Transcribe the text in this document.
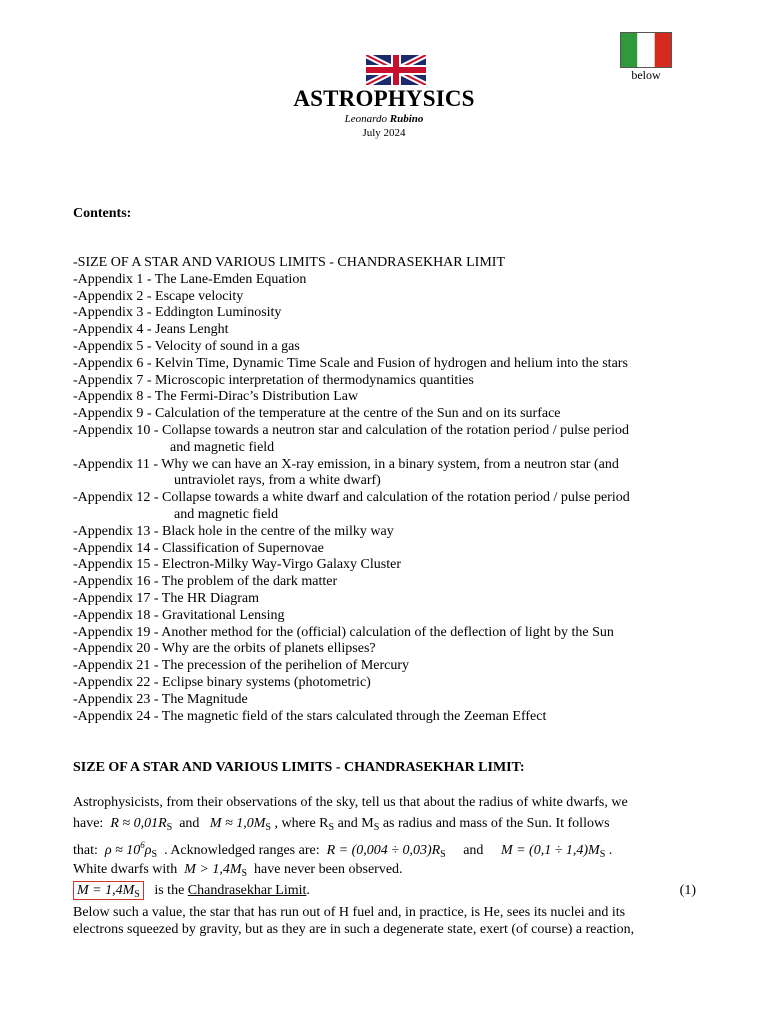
below
ASTROPHYSICS
Leonardo Rubino
July 2024
Contents:
-SIZE OF A STAR AND VARIOUS LIMITS - CHANDRASEKHAR LIMIT
-Appendix 1 - The Lane-Emden Equation
-Appendix 2 - Escape velocity
-Appendix 3 - Eddington Luminosity
-Appendix 4 - Jeans Lenght
-Appendix 5 - Velocity of sound in a gas
-Appendix 6 - Kelvin Time, Dynamic Time Scale and Fusion of hydrogen and helium into the stars
-Appendix 7 - Microscopic interpretation of thermodynamics quantities
-Appendix 8 - The Fermi-Dirac’s Distribution Law
-Appendix 9 - Calculation of the temperature at the centre of the Sun and on its surface
-Appendix 10 - Collapse towards a neutron star and calculation of the rotation period / pulse period
and magnetic field
-Appendix 11 - Why we can have an X-ray emission, in a binary system, from a neutron star (and
untraviolet rays, from a white dwarf)
-Appendix 12 - Collapse towards a white dwarf and calculation of the rotation period / pulse period
and magnetic field
-Appendix 13 - Black hole in the centre of the milky way
-Appendix 14 - Classification of Supernovae
-Appendix 15 - Electron-Milky Way-Virgo Galaxy Cluster
-Appendix 16 - The problem of the dark matter
-Appendix 17 - The HR Diagram
-Appendix 18 - Gravitational Lensing
-Appendix 19 - Another method for the (official) calculation of the deflection of light by the Sun
-Appendix 20 - Why are the orbits of planets ellipses?
-Appendix 21 - The precession of the perihelion of Mercury
-Appendix 22 - Eclipse binary systems (photometric)
-Appendix 23 - The Magnitude
-Appendix 24 - The magnetic field of the stars calculated through the Zeeman Effect
SIZE OF A STAR AND VARIOUS LIMITS - CHANDRASEKHAR LIMIT:
Astrophysicists, from their observations of the sky, tell us that about the radius of white dwarfs, we
have: $R \approx 0,01R_S$ and $M \approx 1,0M_S$ , where $R_S$ and $M_S$ as radius and mass of the Sun. It follows
that: $\rho \approx 10^6\rho_S$ . Acknowledged ranges are: $R = (0,004 \div 0,03)R_S$ and $M = (0,1 \div 1,4)M_S$ .
White dwarfs with $M > 1,4M_S$ have never been observed.
$M = 1,4M_S$ is the Chandrasekhar Limit.	(1)
Below such a value, the star that has run out of H fuel and, in practice, is He, sees its nuclei and its
electrons squeezed by gravity, but as they are in such a degenerate state, exert (of course) a reaction,
